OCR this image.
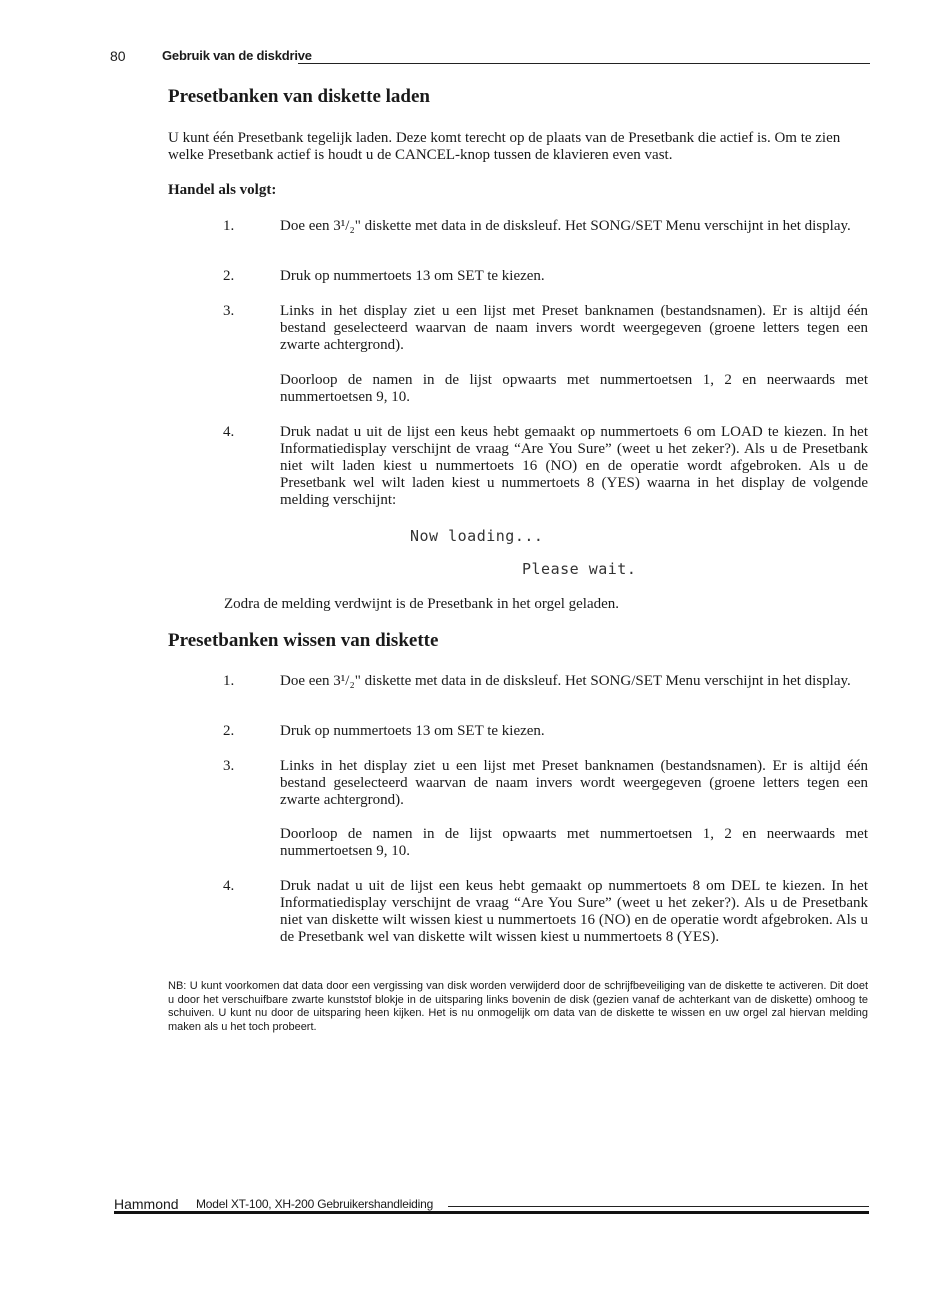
80	Gebruik van de diskdrive
Presetbanken van diskette laden

U kunt één Presetbank tegelijk laden. Deze komt terecht op de plaats van de Presetbank die actief is. Om te zien welke Presetbank actief is houdt u de CANCEL-knop tussen de klavieren even vast.

Handel als volgt:

1.	Doe een 3¹/₂" diskette met data in de disksleuf. Het SONG/SET Menu verschijnt in het display.

2.	Druk op nummertoets 13 om SET te kiezen.

3.	Links in het display ziet u een lijst met Preset banknamen (bestandsnamen). Er is altijd één bestand geselecteerd waarvan de naam invers wordt weergegeven (groene letters tegen een zwarte achtergrond).

Doorloop de namen in de lijst opwaarts met nummertoetsen 1, 2 en neerwaards met nummertoetsen 9, 10.

4.	Druk nadat u uit de lijst een keus hebt gemaakt op nummertoets 6 om LOAD te kiezen. In het Informatiedisplay verschijnt de vraag “Are You Sure” (weet u het zeker?). Als u de Presetbank niet wilt laden kiest u nummertoets 16 (NO) en de operatie wordt afgebroken. Als u de Presetbank wel wilt laden kiest u nummertoets 8 (YES) waarna in het display de volgende melding verschijnt:

Now loading...
Please wait.

Zodra de melding verdwijnt is de Presetbank in het orgel geladen.

Presetbanken wissen van diskette
1.	Doe een 3¹/₂" diskette met data in de disksleuf. Het SONG/SET Menu verschijnt in het display.

2.	Druk op nummertoets 13 om SET te kiezen.

3.	Links in het display ziet u een lijst met Preset banknamen (bestandsnamen). Er is altijd één bestand geselecteerd waarvan de naam invers wordt weergegeven (groene letters tegen een zwarte achtergrond).

Doorloop de namen in de lijst opwaarts met nummertoetsen 1, 2 en neerwaards met nummertoetsen 9, 10.

4.	Druk nadat u uit de lijst een keus hebt gemaakt op nummertoets 8 om DEL te kiezen. In het Informatiedisplay verschijnt de vraag “Are You Sure” (weet u het zeker?). Als u de Presetbank niet van diskette wilt wissen kiest u nummertoets 16 (NO) en de operatie wordt afgebroken. Als u de Presetbank wel van diskette wilt wissen kiest u nummertoets 8 (YES).

NB: U kunt voorkomen dat data door een vergissing van disk worden verwijderd door de schrijfbeveiliging van de diskette te activeren. Dit doet u door het verschuifbare zwarte kunststof blokje in de uitsparing links bovenin de disk (gezien vanaf de achterkant van de diskette) omhoog te schuiven. U kunt nu door de uitsparing heen kijken. Het is nu onmogelijk om data van de diskette te wissen en uw orgel zal hiervan melding maken als u het toch probeert.

Hammond Model XT-100, XH-200 Gebruikershandleiding
